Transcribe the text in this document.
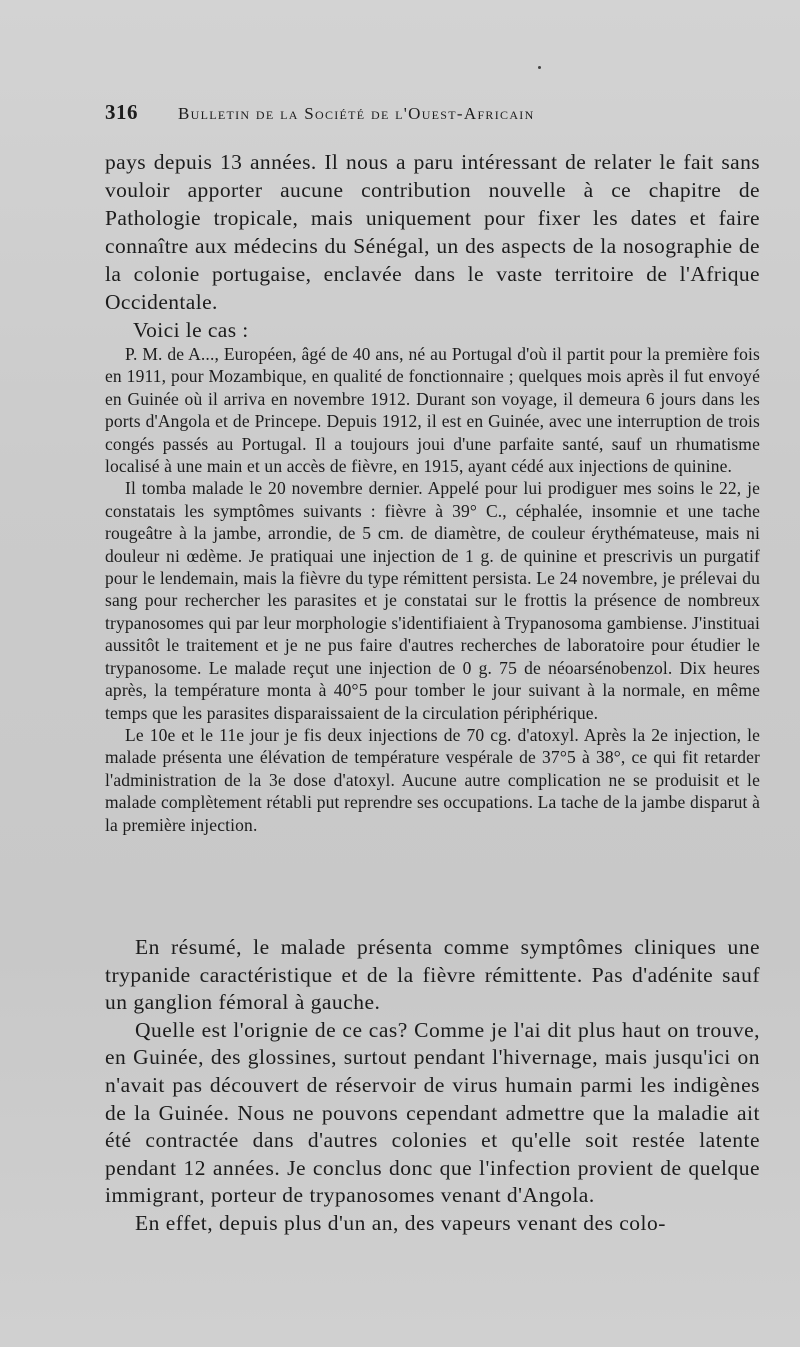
316 Bulletin de la Société de l'Ouest-Africain

pays depuis 13 années. Il nous a paru intéressant de relater le fait sans vouloir apporter aucune contribution nouvelle à ce chapitre de Pathologie tropicale, mais uniquement pour fixer les dates et faire connaître aux médecins du Sénégal, un des aspects de la nosographie de la colonie portugaise, enclavée dans le vaste territoire de l'Afrique Occidentale.

Voici le cas :

P. M. de A..., Européen, âgé de 40 ans, né au Portugal d'où il partit pour la première fois en 1911, pour Mozambique, en qualité de fonctionnaire ; quelques mois après il fut envoyé en Guinée où il arriva en novembre 1912. Durant son voyage, il demeura 6 jours dans les ports d'Angola et de Princepe. Depuis 1912, il est en Guinée, avec une interruption de trois congés passés au Portugal. Il a toujours joui d'une parfaite santé, sauf un rhumatisme localisé à une main et un accès de fièvre, en 1915, ayant cédé aux injections de quinine.

Il tomba malade le 20 novembre dernier. Appelé pour lui prodiguer mes soins le 22, je constatais les symptômes suivants : fièvre à 39° C., céphalée, insomnie et une tache rougeâtre à la jambe, arrondie, de 5 cm. de diamètre, de couleur érythémateuse, mais ni douleur ni œdème. Je pratiquai une injection de 1 g. de quinine et prescrivis un purgatif pour le lendemain, mais la fièvre du type rémittent persista. Le 24 novembre, je prélevai du sang pour rechercher les parasites et je constatai sur le frottis la présence de nombreux trypanosomes qui par leur morphologie s'identifiaient à Trypanosoma gambiense. J'instituai aussitôt le traitement et je ne pus faire d'autres recherches de laboratoire pour étudier le trypanosome. Le malade reçut une injection de 0 g. 75 de néoarsénobenzol. Dix heures après, la température monta à 40°5 pour tomber le jour suivant à la normale, en même temps que les parasites disparaissaient de la circulation périphérique.

Le 10e et le 11e jour je fis deux injections de 70 cg. d'atoxyl. Après la 2e injection, le malade présenta une élévation de température vespérale de 37°5 à 38°, ce qui fit retarder l'administration de la 3e dose d'atoxyl. Aucune autre complication ne se produisit et le malade complètement rétabli put reprendre ses occupations. La tache de la jambe disparut à la première injection.

En résumé, le malade présenta comme symptômes cliniques une trypanide caractéristique et de la fièvre rémittente. Pas d'adénite sauf un ganglion fémoral à gauche.

Quelle est l'orignie de ce cas? Comme je l'ai dit plus haut on trouve, en Guinée, des glossines, surtout pendant l'hivernage, mais jusqu'ici on n'avait pas découvert de réservoir de virus humain parmi les indigènes de la Guinée. Nous ne pouvons cependant admettre que la maladie ait été contractée dans d'autres colonies et qu'elle soit restée latente pendant 12 années. Je conclus donc que l'infection provient de quelque immigrant, porteur de trypanosomes venant d'Angola.

En effet, depuis plus d'un an, des vapeurs venant des colo-
